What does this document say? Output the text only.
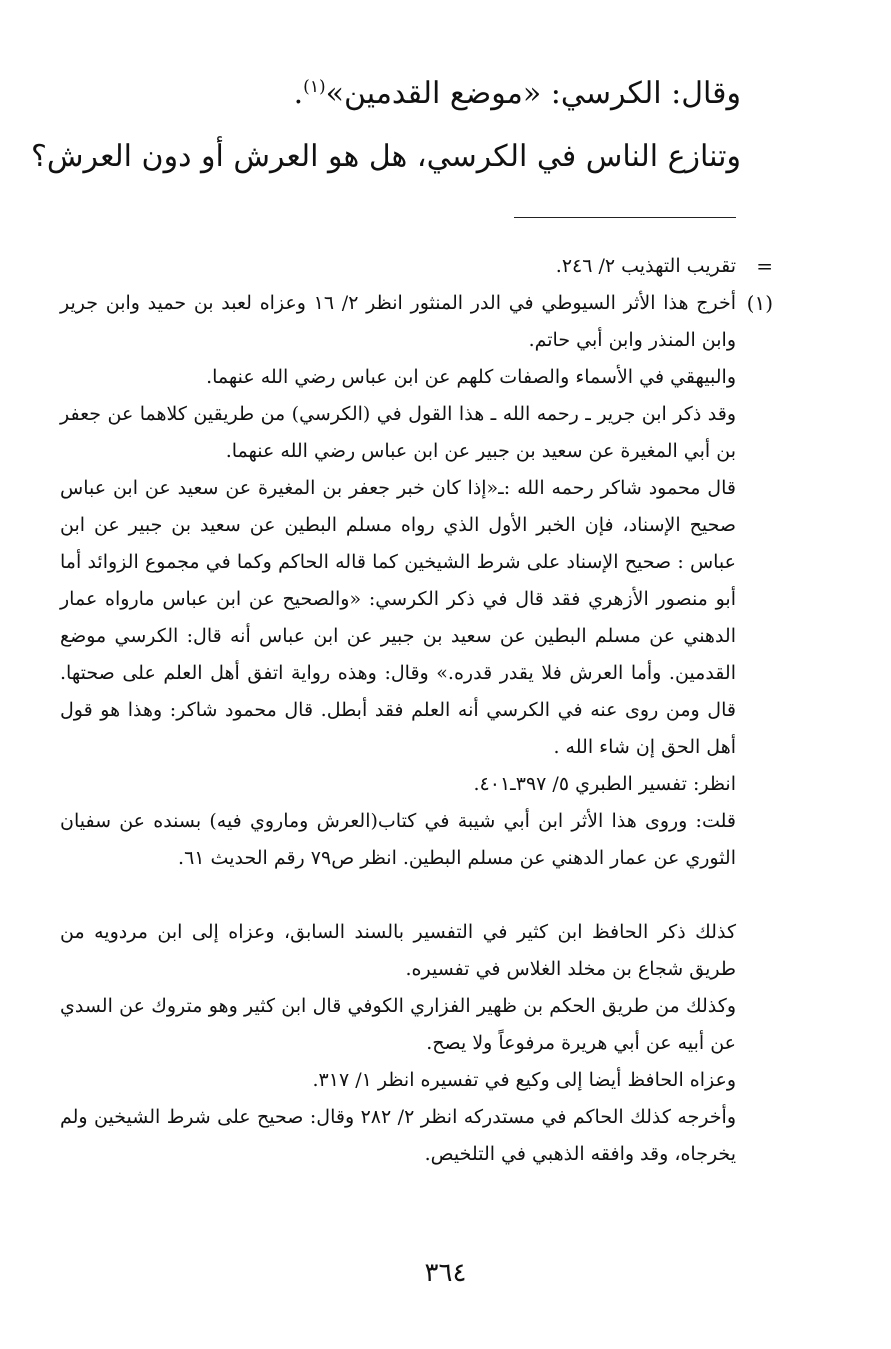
وقال: الكرسي: «موضع القدمين»$^{(١)}$.
وتنازع الناس في الكرسي، هل هو العرش أو دون العرش؟
=
تقريب التهذيب ٢/ ٢٤٦.
(١)
أخرج هذا الأثر السيوطي في الدر المنثور انظر ٢/ ١٦ وعزاه لعبد بن حميد وابن جرير وابن المنذر وابن أبي حاتم.
والبيهقي في الأسماء والصفات كلهم عن ابن عباس رضي الله عنهما.
وقد ذكر ابن جرير ـ رحمه الله ـ هذا القول في (الكرسي) من طريقين كلاهما عن جعفر بن أبي المغيرة عن سعيد بن جبير عن ابن عباس رضي الله عنهما.
قال محمود شاكر رحمه الله :ـ«إذا كان خبر جعفر بن المغيرة عن سعيد عن ابن عباس صحيح الإسناد، فإن الخبر الأول الذي رواه مسلم البطين عن سعيد بن جبير عن ابن عباس : صحيح الإسناد على شرط الشيخين كما قاله الحاكم وكما في مجموع الزوائد أما أبو منصور الأزهري فقد قال في ذكر الكرسي: «والصحيح عن ابن عباس مارواه عمار الدهني عن مسلم البطين عن سعيد بن جبير عن ابن عباس أنه قال: الكرسي موضع القدمين. وأما العرش فلا يقدر قدره.» وقال: وهذه رواية اتفق أهل العلم على صحتها. قال ومن روى عنه في الكرسي أنه العلم فقد أبطل. قال محمود شاكر: وهذا هو قول أهل الحق إن شاء الله .
انظر: تفسير الطبري ٥/ ٣٩٧ـ٤٠١.
قلت: وروى هذا الأثر ابن أبي شيبة في كتاب(العرش وماروي فيه) بسنده عن سفيان الثوري عن عمار الدهني عن مسلم البطين. انظر ص٧٩ رقم الحديث ٦١.
كذلك ذكر الحافظ ابن كثير في التفسير بالسند السابق، وعزاه إلى ابن مردويه من طريق شجاع بن مخلد الغلاس في تفسيره.
وكذلك من طريق الحكم بن ظهير الفزاري الكوفي قال ابن كثير وهو متروك عن السدي عن أبيه عن أبي هريرة مرفوعاً ولا يصح.
وعزاه الحافظ أيضا إلى وكيع في تفسيره انظر ١/ ٣١٧.
وأخرجه كذلك الحاكم في مستدركه انظر ٢/ ٢٨٢ وقال: صحيح على شرط الشيخين ولم يخرجاه، وقد وافقه الذهبي في التلخيص.
٣٦٤
